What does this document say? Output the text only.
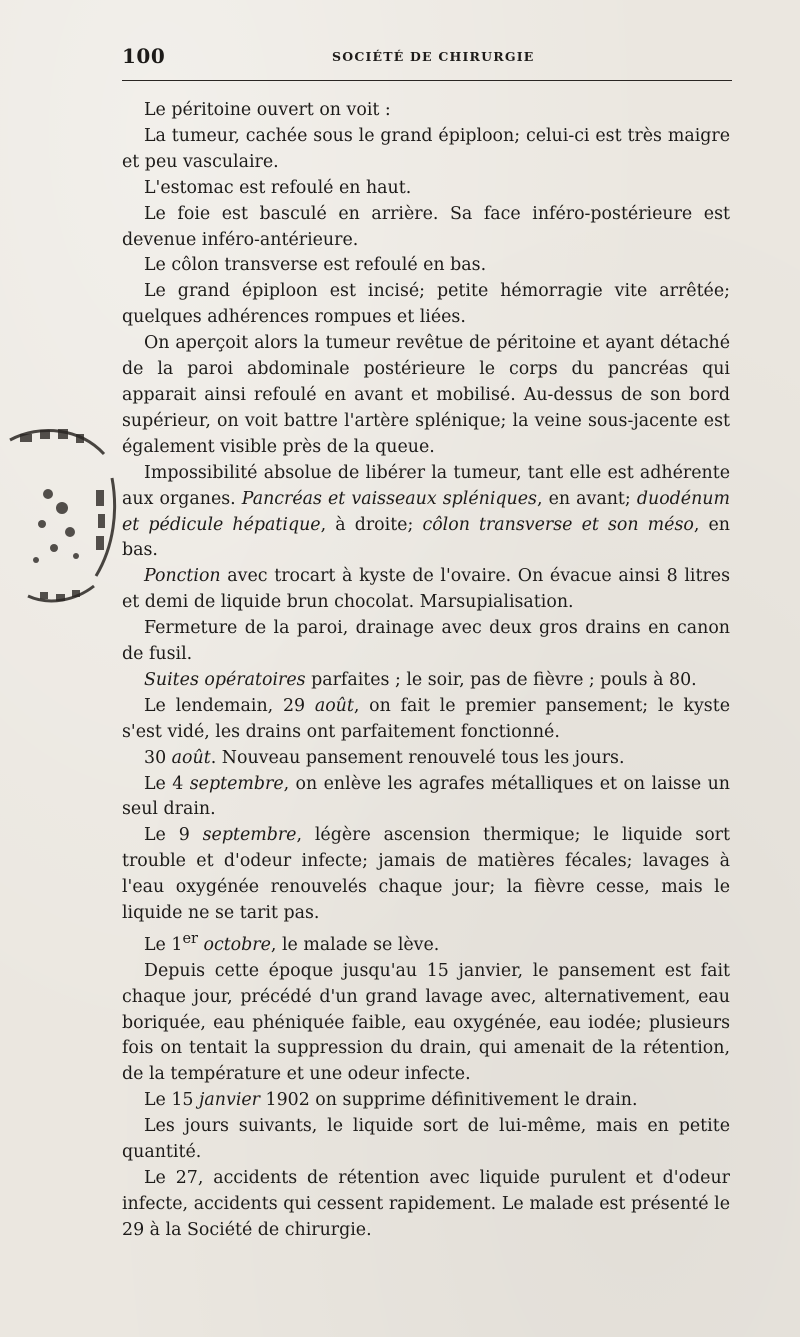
100	SOCIÉTÉ DE CHIRURGIE

Le péritoine ouvert on voit :

La tumeur, cachée sous le grand épiploon; celui-ci est très maigre et peu vasculaire.

L'estomac est refoulé en haut.

Le foie est basculé en arrière. Sa face inféro-postérieure est devenue inféro-antérieure.

Le côlon transverse est refoulé en bas.

Le grand épiploon est incisé; petite hémorragie vite arrêtée; quelques adhérences rompues et liées.

On aperçoit alors la tumeur revêtue de péritoine et ayant détaché de la paroi abdominale postérieure le corps du pancréas qui apparait ainsi refoulé en avant et mobilisé. Au-dessus de son bord supérieur, on voit battre l'artère splénique; la veine sous-jacente est également visible près de la queue.

Impossibilité absolue de libérer la tumeur, tant elle est adhérente aux organes. Pancréas et vaisseaux spléniques, en avant; duodénum et pédicule hépatique, à droite; côlon transverse et son méso, en bas.

Ponction avec trocart à kyste de l'ovaire. On évacue ainsi 8 litres et demi de liquide brun chocolat. Marsupialisation.

Fermeture de la paroi, drainage avec deux gros drains en canon de fusil.

Suites opératoires parfaites ; le soir, pas de fièvre ; pouls à 80.

Le lendemain, 29 août, on fait le premier pansement; le kyste s'est vidé, les drains ont parfaitement fonctionné.

30 août. Nouveau pansement renouvelé tous les jours.

Le 4 septembre, on enlève les agrafes métalliques et on laisse un seul drain.

Le 9 septembre, légère ascension thermique; le liquide sort trouble et d'odeur infecte; jamais de matières fécales; lavages à l'eau oxygénée renouvelés chaque jour; la fièvre cesse, mais le liquide ne se tarit pas.

Le 1er octobre, le malade se lève.

Depuis cette époque jusqu'au 15 janvier, le pansement est fait chaque jour, précédé d'un grand lavage avec, alternativement, eau boriquée, eau phéniquée faible, eau oxygénée, eau iodée; plusieurs fois on tentait la suppression du drain, qui amenait de la rétention, de la température et une odeur infecte.

Le 15 janvier 1902 on supprime définitivement le drain.

Les jours suivants, le liquide sort de lui-même, mais en petite quantité.

Le 27, accidents de rétention avec liquide purulent et d'odeur infecte, accidents qui cessent rapidement. Le malade est présenté le 29 à la Société de chirurgie.
